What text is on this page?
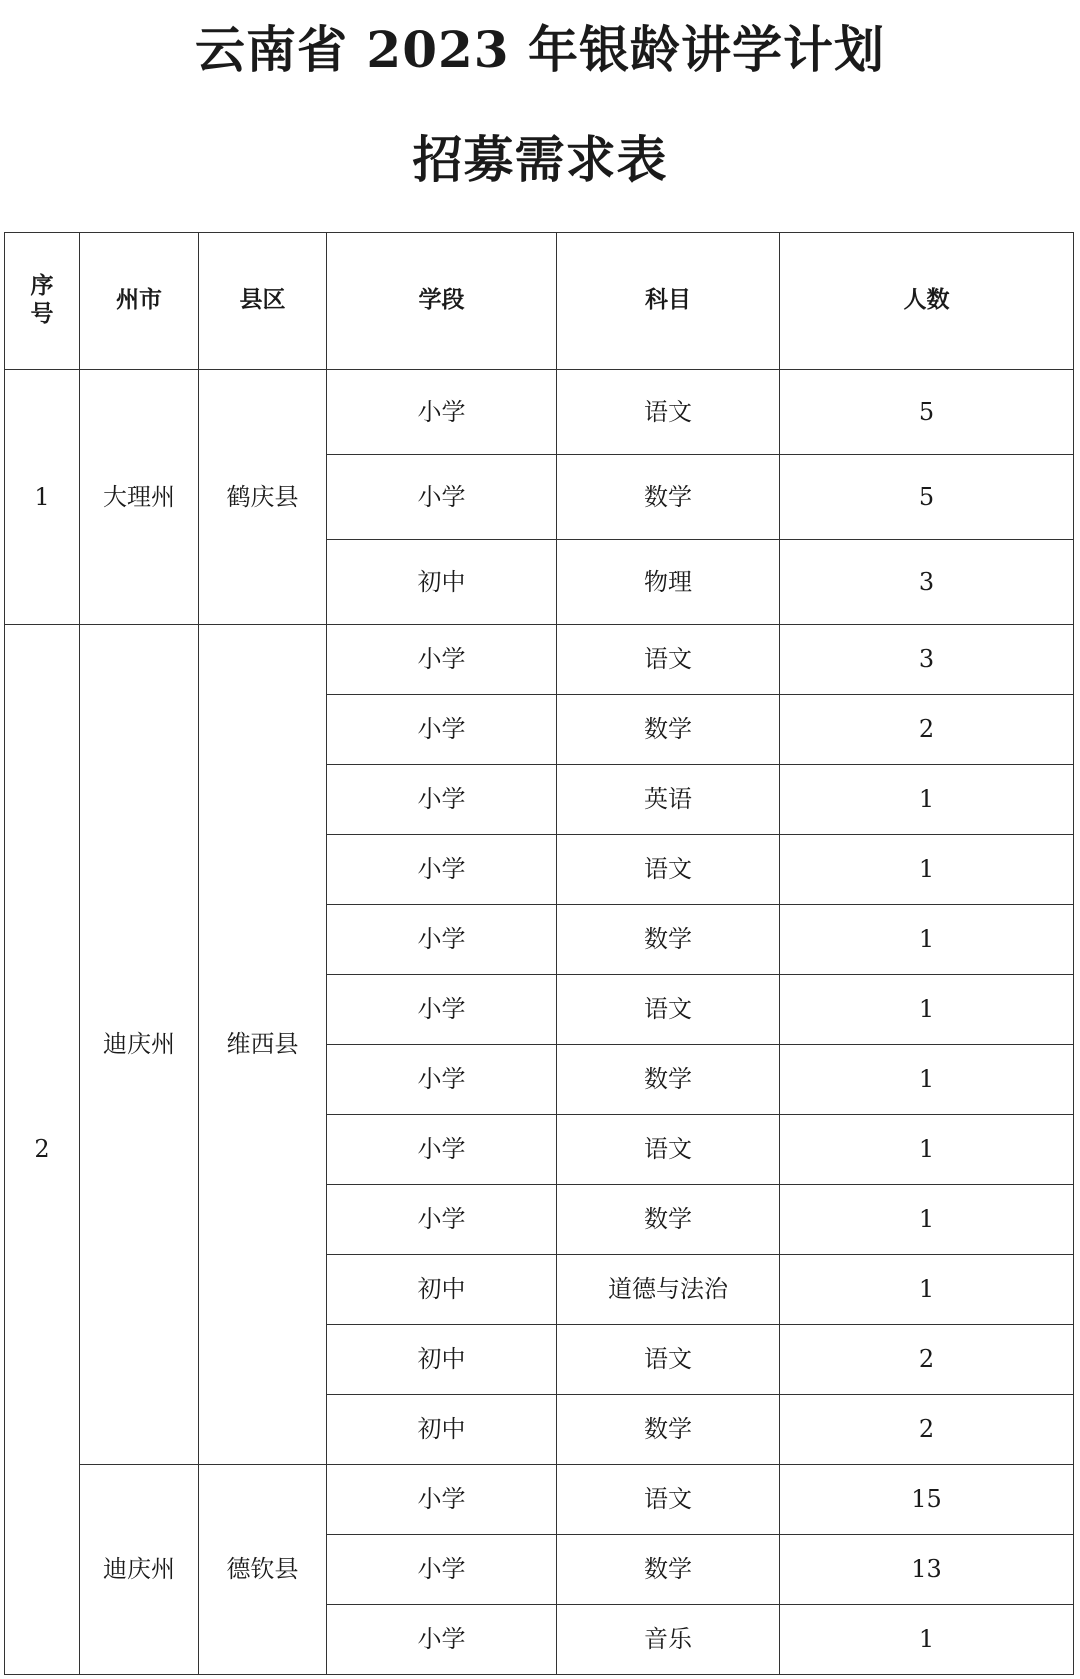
云南省 2023 年银龄讲学计划
招募需求表
序
号	州市	县区	学段	科目	人数
1	大理州	鹤庆县	小学	语文	5
			小学	数学	5
			初中	物理	3
2	迪庆州	维西县	小学	语文	3
			小学	数学	2
			小学	英语	1
			小学	语文	1
			小学	数学	1
			小学	语文	1
			小学	数学	1
			小学	语文	1
			小学	数学	1
			初中	道德与法治	1
			初中	语文	2
			初中	数学	2
	迪庆州	德钦县	小学	语文	15
			小学	数学	13
			小学	音乐	1
